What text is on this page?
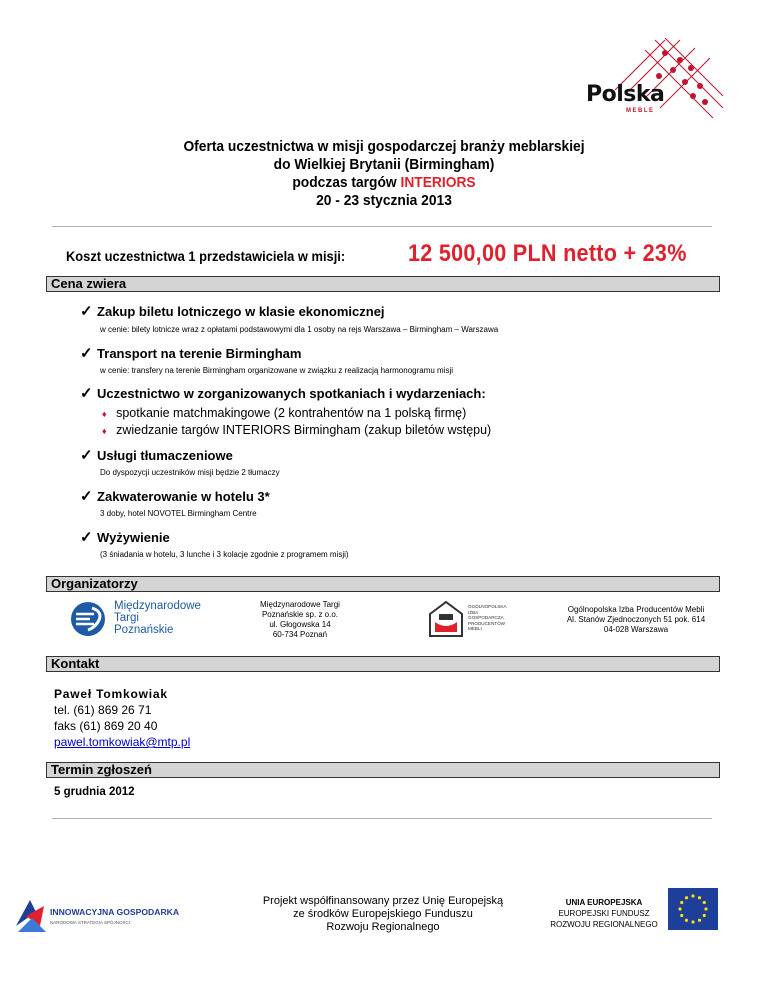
Polska
MEBLE
Oferta uczestnictwa w misji gospodarczej branży meblarskiej
do Wielkiej Brytanii (Birmingham)
podczas targów INTERIORS
20 - 23 stycznia 2013
Koszt uczestnictwa 1 przedstawiciela w misji:	12 500,00 PLN netto + 23%
Cena zwiera
✓ Zakup biletu lotniczego w klasie ekonomicznej
w cenie: bilety lotnicze wraz z opłatami podstawowymi dla 1 osoby na rejs Warszawa – Birmingham – Warszawa
✓ Transport na terenie Birmingham
w cenie: transfery na terenie Birmingham organizowane w związku z realizacją harmonogramu misji
✓ Uczestnictwo w zorganizowanych spotkaniach i wydarzeniach:
♦ spotkanie matchmakingowe (2 kontrahentów na 1 polską firmę)
♦ zwiedzanie targów INTERIORS Birmingham (zakup biletów wstępu)
✓ Usługi tłumaczeniowe
Do dyspozycji uczestników misji będzie 2 tłumaczy
✓ Zakwaterowanie w hotelu 3*
3 doby, hotel NOVOTEL Birmingham Centre
✓ Wyżywienie
(3 śniadania w hotelu, 3 lunche i 3 kolacje zgodnie z programem misji)
Organizatorzy
Międzynarodowe
Targi
Poznańskie
Międzynarodowe Targi
Poznańskie sp. z o.o.
ul. Głogowska 14
60-734 Poznań
OGÓLNOPOLSKA
IZBA
GOSPODARCZA
PRODUCENTÓW
MEBLI
Ogólnopolska Izba Producentów Mebli
Al. Stanów Zjednoczonych 51 pok. 614
04-028 Warszawa
Kontakt
Paweł Tomkowiak
tel. (61) 869 26 71
faks (61) 869 20 40
pawel.tomkowiak@mtp.pl
Termin zgłoszeń
5 grudnia 2012
INNOWACYJNA GOSPODARKA
NARODOWA STRATEGIA SPÓJNOŚCI
Projekt współfinansowany przez Unię Europejską
ze środków Europejskiego Funduszu
Rozwoju Regionalnego
UNIA EUROPEJSKA
EUROPEJSKI FUNDUSZ
ROZWOJU REGIONALNEGO
